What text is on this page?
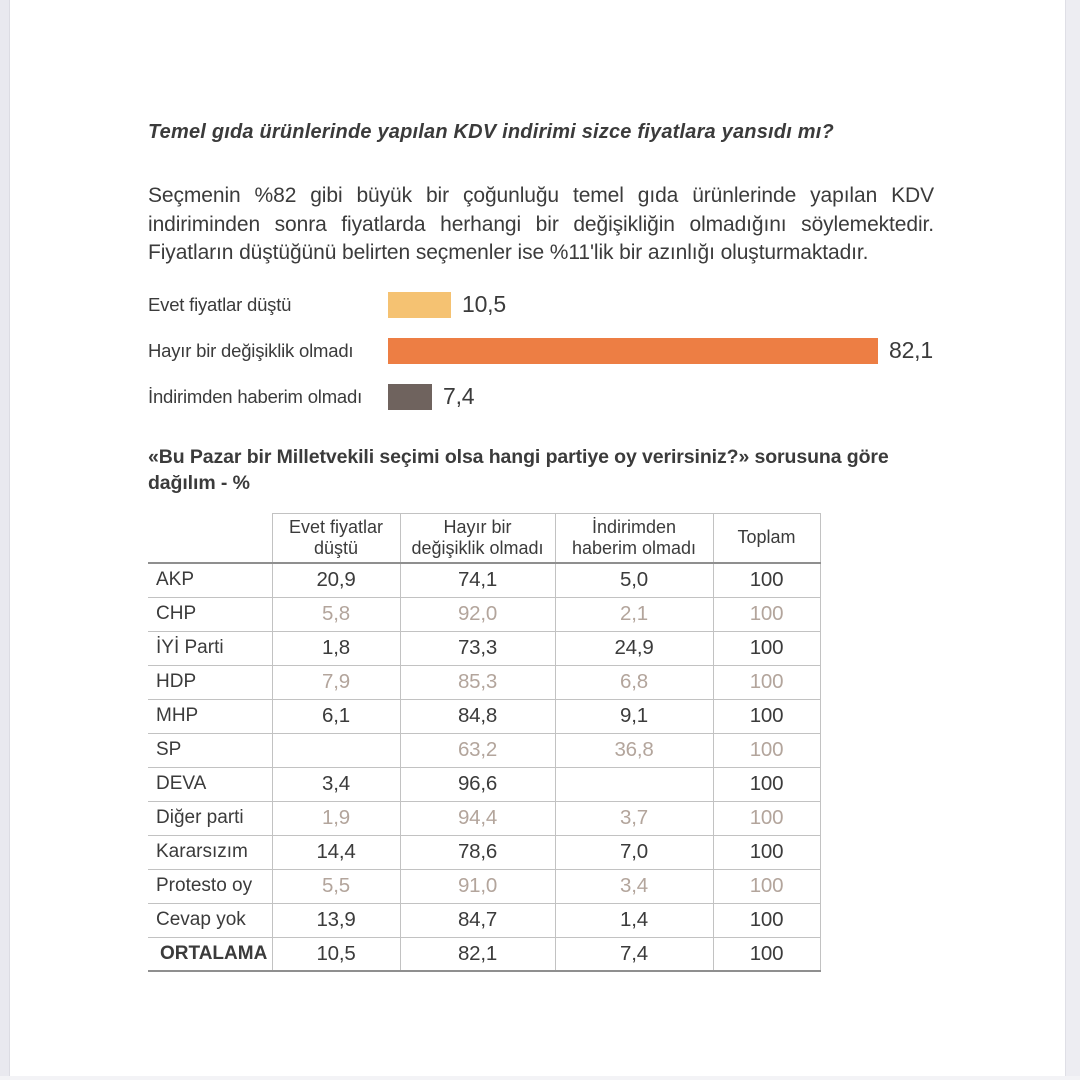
Temel gıda ürünlerinde yapılan KDV indirimi sizce fiyatlara yansıdı mı?

Seçmenin %82 gibi büyük bir çoğunluğu temel gıda ürünlerinde yapılan KDV indiriminden sonra fiyatlarda herhangi bir değişikliğin olmadığını söylemektedir. Fiyatların düştüğünü belirten seçmenler ise %11'lik bir azınlığı oluşturmaktadır.

Evet fiyatlar düştü	10,5
Hayır bir değişiklik olmadı	82,1
İndirimden haberim olmadı	7,4
«Bu Pazar bir Milletvekili seçimi olsa hangi partiye oy verirsiniz?» sorusuna göre dağılım - %
	Evet fiyatlar düştü	Hayır bir değişiklik olmadı	İndirimden haberim olmadı	Toplam
AKP	20,9	74,1	5,0	100
CHP	5,8	92,0	2,1	100
İYİ Parti	1,8	73,3	24,9	100
HDP	7,9	85,3	6,8	100
MHP	6,1	84,8	9,1	100
SP		63,2	36,8	100
DEVA	3,4	96,6		100
Diğer parti	1,9	94,4	3,7	100
Kararsızım	14,4	78,6	7,0	100
Protesto oy	5,5	91,0	3,4	100
Cevap yok	13,9	84,7	1,4	100
ORTALAMA	10,5	82,1	7,4	100
